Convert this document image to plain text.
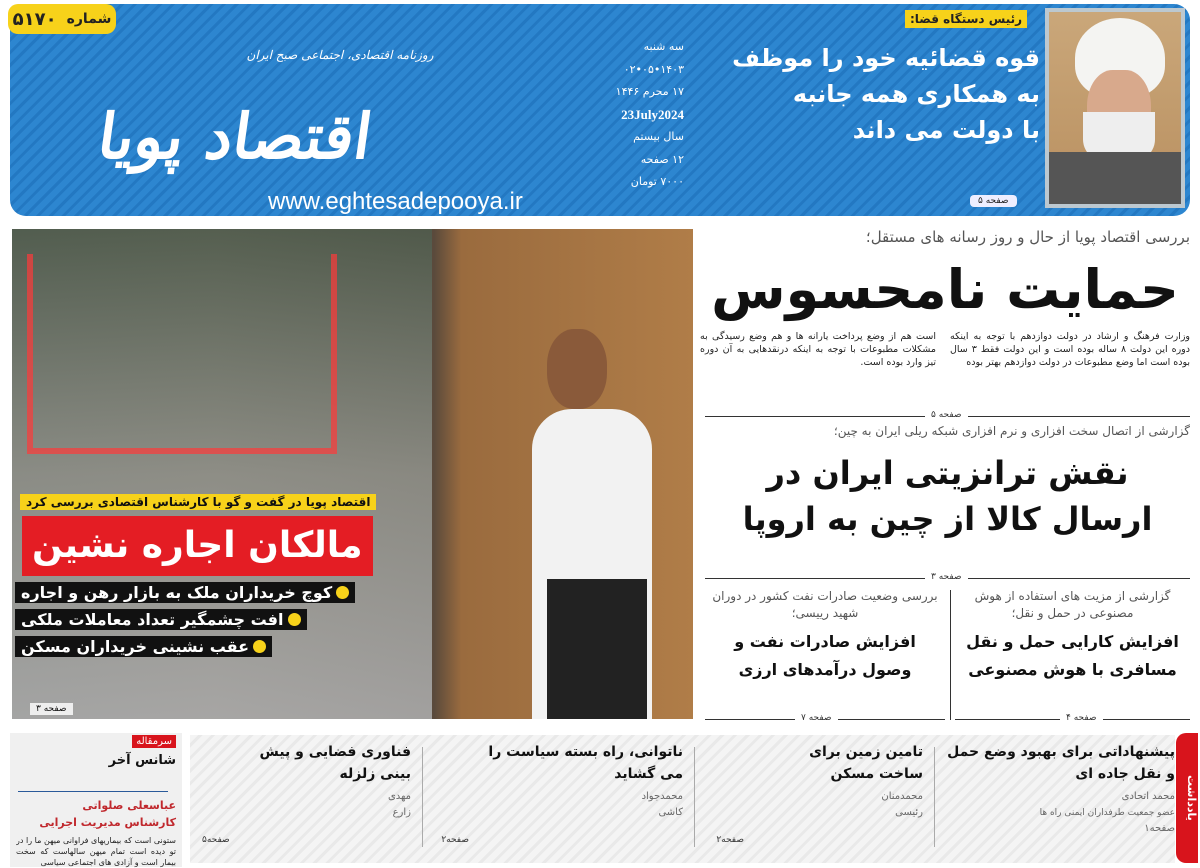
شماره
۵۱۷۰
روزنامه اقتصادی، اجتماعی صبح ایران
اقتصاد پویا
www.eghtesadepooya.ir
سه شنبه
۱۴۰۳•۰۵•۰۲
۱۷ محرم ۱۴۴۶
23July2024
سال بیستم
۱۲ صفحه
۷۰۰۰ تومان
رئیس دستگاه قضا:
قوه قضائیه خود را موظف
به همکاری همه جانبه
با دولت می داند
صفحه ۵
اقتصاد پویا در گفت و گو با کارشناس اقتصادی بررسی کرد
مالکان اجاره نشین
کوچ خریداران ملک به بازار رهن و اجاره
افت چشمگیر تعداد معاملات ملکی
عقب نشینی خریداران مسکن
صفحه ۳
بررسی اقتصاد پویا از حال و روز رسانه های مستقل؛
حمایت نامحسوس
وزارت فرهنگ و ارشاد در دولت دوازدهم با توجه به اینکه دوره این دولت ۸ ساله بوده است و این دولت فقط ۳ سال بوده است اما وضع مطبوعات در دولت دوازدهم بهتر بوده
است هم از وضع پرداخت یارانه ها و هم وضع رسیدگی به مشکلات مطبوعات با توجه به اینکه درنقدهایی به آن دوره تیز وارد بوده است.
صفحه ۵
گزارشی از اتصال سخت افزاری و نرم افزاری شبکه ریلی ایران به چین؛
نقش ترانزیتی ایران در
ارسال کالا از چین به اروپا
صفحه ۳
گزارشی از مزیت های استفاده از هوش مصنوعی در حمل و نقل؛
افزایش کارایی حمل و نقل
مسافری با هوش مصنوعی
بررسی وضعیت صادرات نفت کشور در دوران شهید رییسی؛
افزایش صادرات نفت و
وصول درآمدهای ارزی
صفحه ۷	صفحه ۴
سرمقاله
شانس آخر
عباسعلی صلواتی
کارشناس مدیریت اجرایی
ستونی است که بیماریهای فراوانی میهن ما را در تو دیده است تمام میهن سالهاست که سخت بیمار است و آزادی های اجتماعی سیاسی
پیشنهاداتی برای بهبود وضع حمل و نقل جاده ای
محمد اتحادی
عضو جمعیت طرفداران ایمنی راه ها
صفحه۱
تامین زمین برای ساخت مسکن
محمدمنان
رئیسی
صفحه۲
ناتوانی، راه بسته سیاست را می گشاید
محمدجواد
کاشی
صفحه۲
فناوری فضایی و پیش بینی زلزله
مهدی
زارع
صفحه۵
یادداشت
